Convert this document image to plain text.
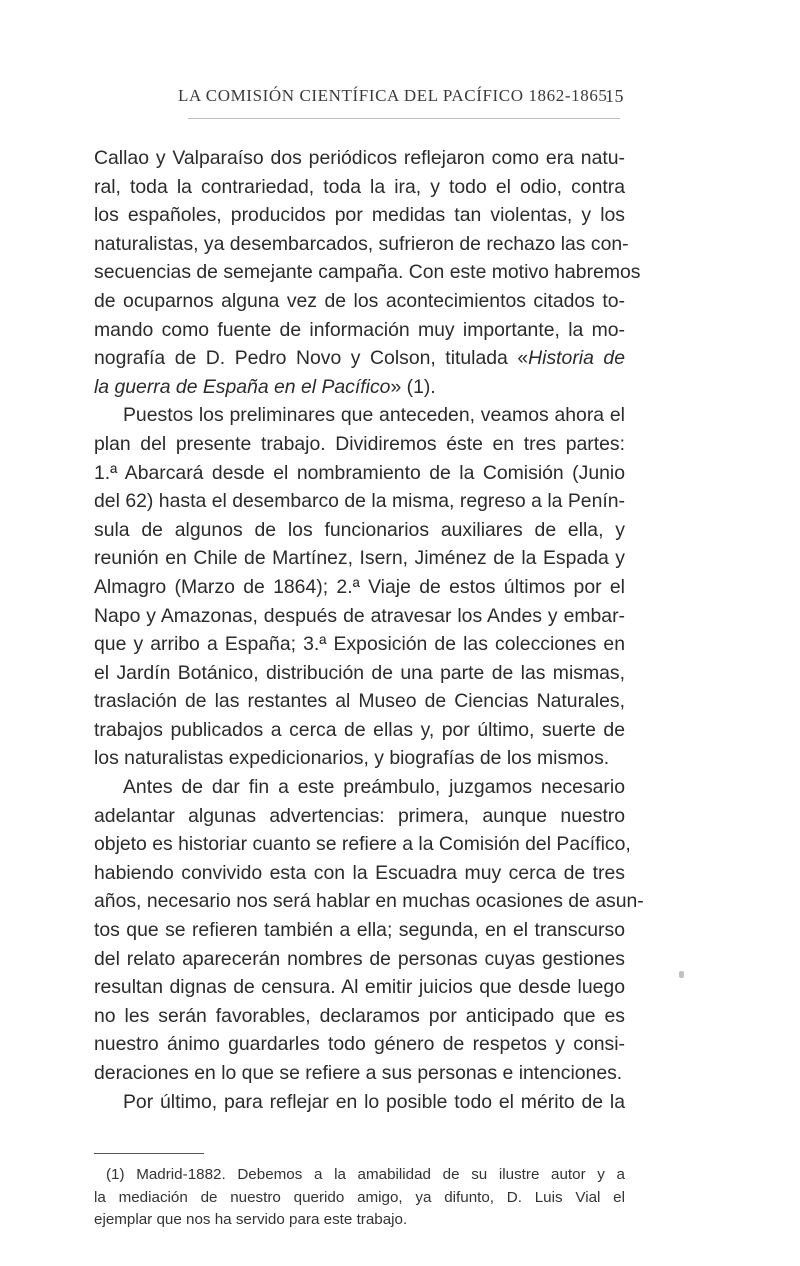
LA COMISIÓN CIENTÍFICA DEL PACÍFICO 1862-1865
15
Callao y Valparaíso dos periódicos reflejaron como era natu-
ral, toda la contrariedad, toda la ira, y todo el odio, contra
los españoles, producidos por medidas tan violentas, y los
naturalistas, ya desembarcados, sufrieron de rechazo las con-
secuencias de semejante campaña. Con este motivo habremos
de ocuparnos alguna vez de los acontecimientos citados to-
mando como fuente de información muy importante, la mo-
nografía de D. Pedro Novo y Colson, titulada «Historia de
la guerra de España en el Pacífico» (1).
Puestos los preliminares que anteceden, veamos ahora el
plan del presente trabajo. Dividiremos éste en tres partes:
1.ª Abarcará desde el nombramiento de la Comisión (Junio
del 62) hasta el desembarco de la misma, regreso a la Penín-
sula de algunos de los funcionarios auxiliares de ella, y
reunión en Chile de Martínez, Isern, Jiménez de la Espada y
Almagro (Marzo de 1864); 2.ª Viaje de estos últimos por el
Napo y Amazonas, después de atravesar los Andes y embar-
que y arribo a España; 3.ª Exposición de las colecciones en
el Jardín Botánico, distribución de una parte de las mismas,
traslación de las restantes al Museo de Ciencias Naturales,
trabajos publicados a cerca de ellas y, por último, suerte de
los naturalistas expedicionarios, y biografías de los mismos.
Antes de dar fin a este preámbulo, juzgamos necesario
adelantar algunas advertencias: primera, aunque nuestro
objeto es historiar cuanto se refiere a la Comisión del Pacífico,
habiendo convivido esta con la Escuadra muy cerca de tres
años, necesario nos será hablar en muchas ocasiones de asun-
tos que se refieren también a ella; segunda, en el transcurso
del relato aparecerán nombres de personas cuyas gestiones
resultan dignas de censura. Al emitir juicios que desde luego
no les serán favorables, declaramos por anticipado que es
nuestro ánimo guardarles todo género de respetos y consi-
deraciones en lo que se refiere a sus personas e intenciones.
Por último, para reflejar en lo posible todo el mérito de la
(1) Madrid-1882. Debemos a la amabilidad de su ilustre autor y a
la mediación de nuestro querido amigo, ya difunto, D. Luis Vial el
ejemplar que nos ha servido para este trabajo.
